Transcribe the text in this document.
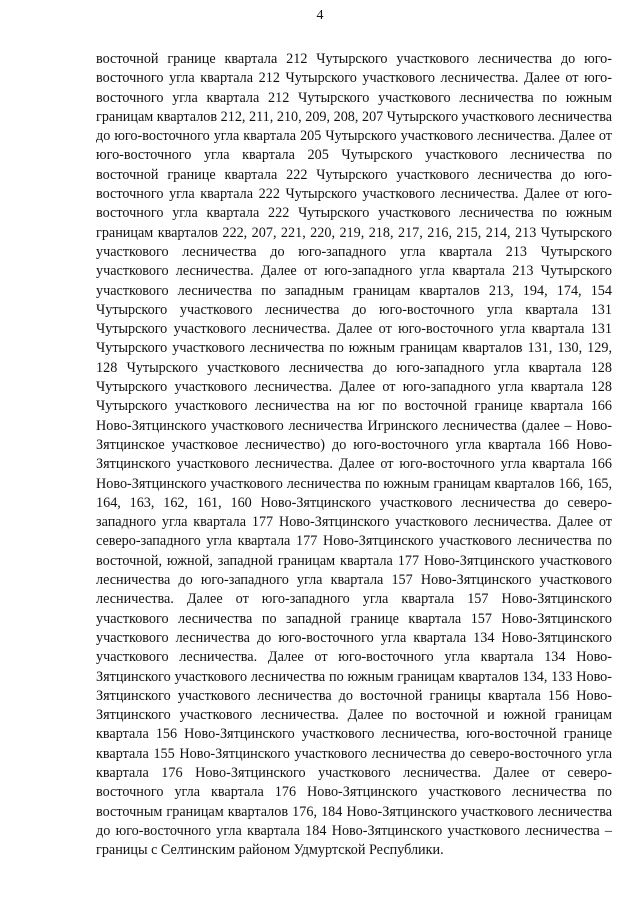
4

восточной границе квартала 212 Чутырского участкового лесничества до юго-восточного угла квартала 212 Чутырского участкового лесничества. Далее от юго-восточного угла квартала 212 Чутырского участкового лесничества по южным границам кварталов 212, 211, 210, 209, 208, 207 Чутырского участкового лесничества до юго-восточного угла квартала 205 Чутырского участкового лесничества. Далее от юго-восточного угла квартала 205 Чутырского участкового лесничества по восточной границе квартала 222 Чутырского участкового лесничества до юго-восточного угла квартала 222 Чутырского участкового лесничества. Далее от юго-восточного угла квартала 222 Чутырского участкового лесничества по южным границам кварталов 222, 207, 221, 220, 219, 218, 217, 216, 215, 214, 213 Чутырского участкового лесничества до юго-западного угла квартала 213 Чутырского участкового лесничества. Далее от юго-западного угла квартала 213 Чутырского участкового лесничества по западным границам кварталов 213, 194, 174, 154 Чутырского участкового лесничества до юго-восточного угла квартала 131 Чутырского участкового лесничества. Далее от юго-восточного угла квартала 131 Чутырского участкового лесничества по южным границам кварталов 131, 130, 129, 128 Чутырского участкового лесничества до юго-западного угла квартала 128 Чутырского участкового лесничества. Далее от юго-западного угла квартала 128 Чутырского участкового лесничества на юг по восточной границе квартала 166 Ново-Зятцинского участкового лесничества Игринского лесничества (далее – Ново-Зятцинское участковое лесничество) до юго-восточного угла квартала 166 Ново-Зятцинского участкового лесничества. Далее от юго-восточного угла квартала 166 Ново-Зятцинского участкового лесничества по южным границам кварталов 166, 165, 164, 163, 162, 161, 160 Ново-Зятцинского участкового лесничества до северо-западного угла квартала 177 Ново-Зятцинского участкового лесничества. Далее от северо-западного угла квартала 177 Ново-Зятцинского участкового лесничества по восточной, южной, западной границам квартала 177 Ново-Зятцинского участкового лесничества до юго-западного угла квартала 157 Ново-Зятцинского участкового лесничества. Далее от юго-западного угла квартала 157 Ново-Зятцинского участкового лесничества по западной границе квартала 157 Ново-Зятцинского участкового лесничества до юго-восточного угла квартала 134 Ново-Зятцинского участкового лесничества. Далее от юго-восточного угла квартала 134 Ново-Зятцинского участкового лесничества по южным границам кварталов 134, 133 Ново-Зятцинского участкового лесничества до восточной границы квартала 156 Ново-Зятцинского участкового лесничества. Далее по восточной и южной границам квартала 156 Ново-Зятцинского участкового лесничества, юго-восточной границе квартала 155 Ново-Зятцинского участкового лесничества до северо-восточного угла квартала 176 Ново-Зятцинского участкового лесничества. Далее от северо-восточного угла квартала 176 Ново-Зятцинского участкового лесничества по восточным границам кварталов 176, 184 Ново-Зятцинского участкового лесничества до юго-восточного угла квартала 184 Ново-Зятцинского участкового лесничества – границы с Селтинским районом Удмуртской Республики.
